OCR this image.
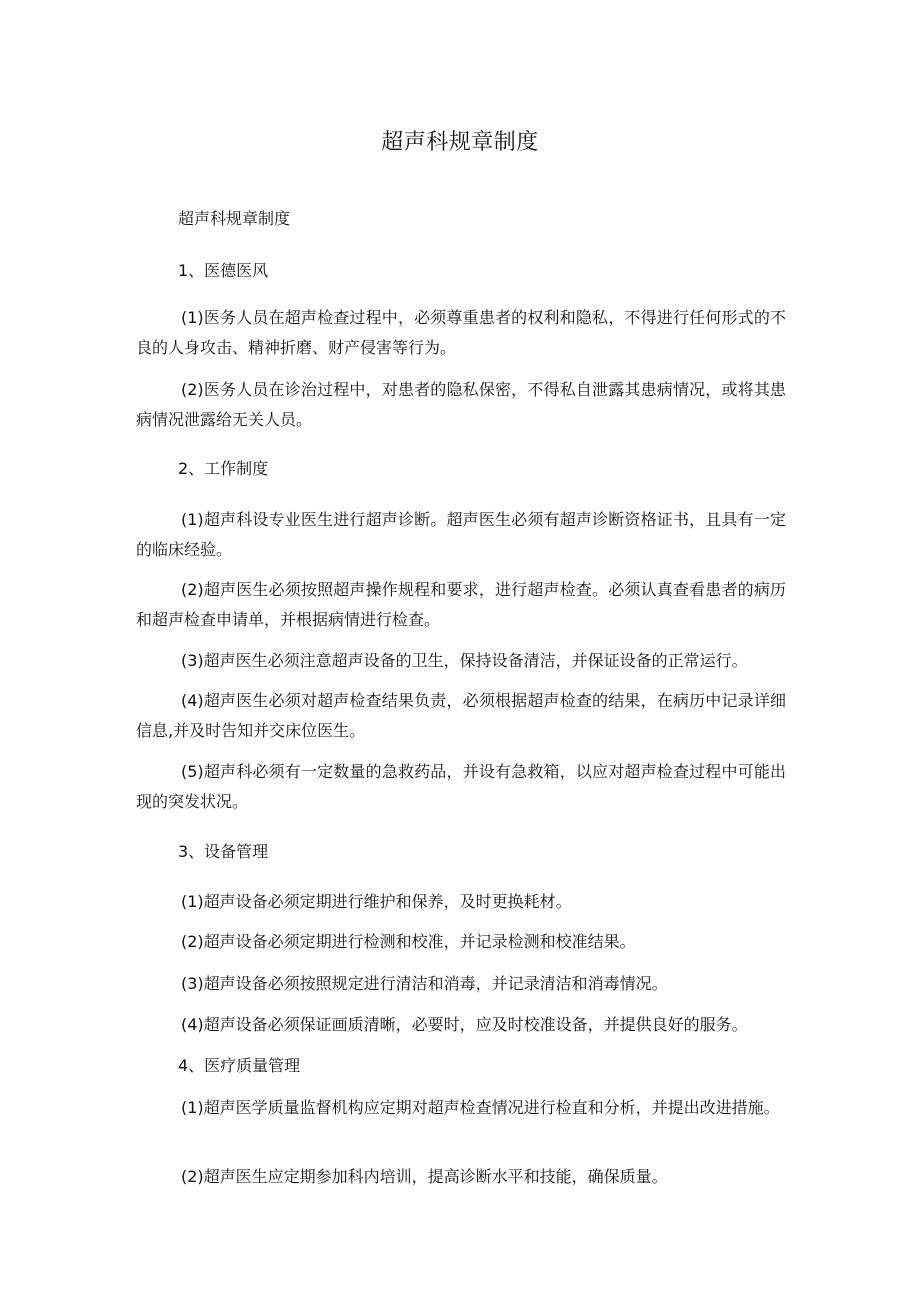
超声科规章制度
超声科规章制度
1、医德医风

(1)医务人员在超声检查过程中，必须尊重患者的权利和隐私，不得进行任何形式的不良的人身攻击、精神折磨、财产侵害等行为。

(2)医务人员在诊治过程中，对患者的隐私保密，不得私自泄露其患病情况，或将其患病情况泄露给无关人员。

2、工作制度

(1)超声科设专业医生进行超声诊断。超声医生必须有超声诊断资格证书，且具有一定的临床经验。

(2)超声医生必须按照超声操作规程和要求，进行超声检查。必须认真查看患者的病历和超声检查申请单，并根据病情进行检查。

(3)超声医生必须注意超声设备的卫生，保持设备清洁，并保证设备的正常运行。

(4)超声医生必须对超声检查结果负责，必须根据超声检查的结果，在病历中记录详细信息,并及时告知并交床位医生。

(5)超声科必须有一定数量的急救药品，并设有急救箱，以应对超声检查过程中可能出现的突发状况。

3、设备管理

(1)超声设备必须定期进行维护和保养，及时更换耗材。

(2)超声设备必须定期进行检测和校准，并记录检测和校准结果。

(3)超声设备必须按照规定进行清洁和消毒，并记录清洁和消毒情况。

(4)超声设备必须保证画质清晰，必要时，应及时校准设备，并提供良好的服务。

4、医疗质量管理

(1)超声医学质量监督机构应定期对超声检查情况进行检直和分析，并提出改进措施。

(2)超声医生应定期参加科内培训，提高诊断水平和技能，确保质量。
